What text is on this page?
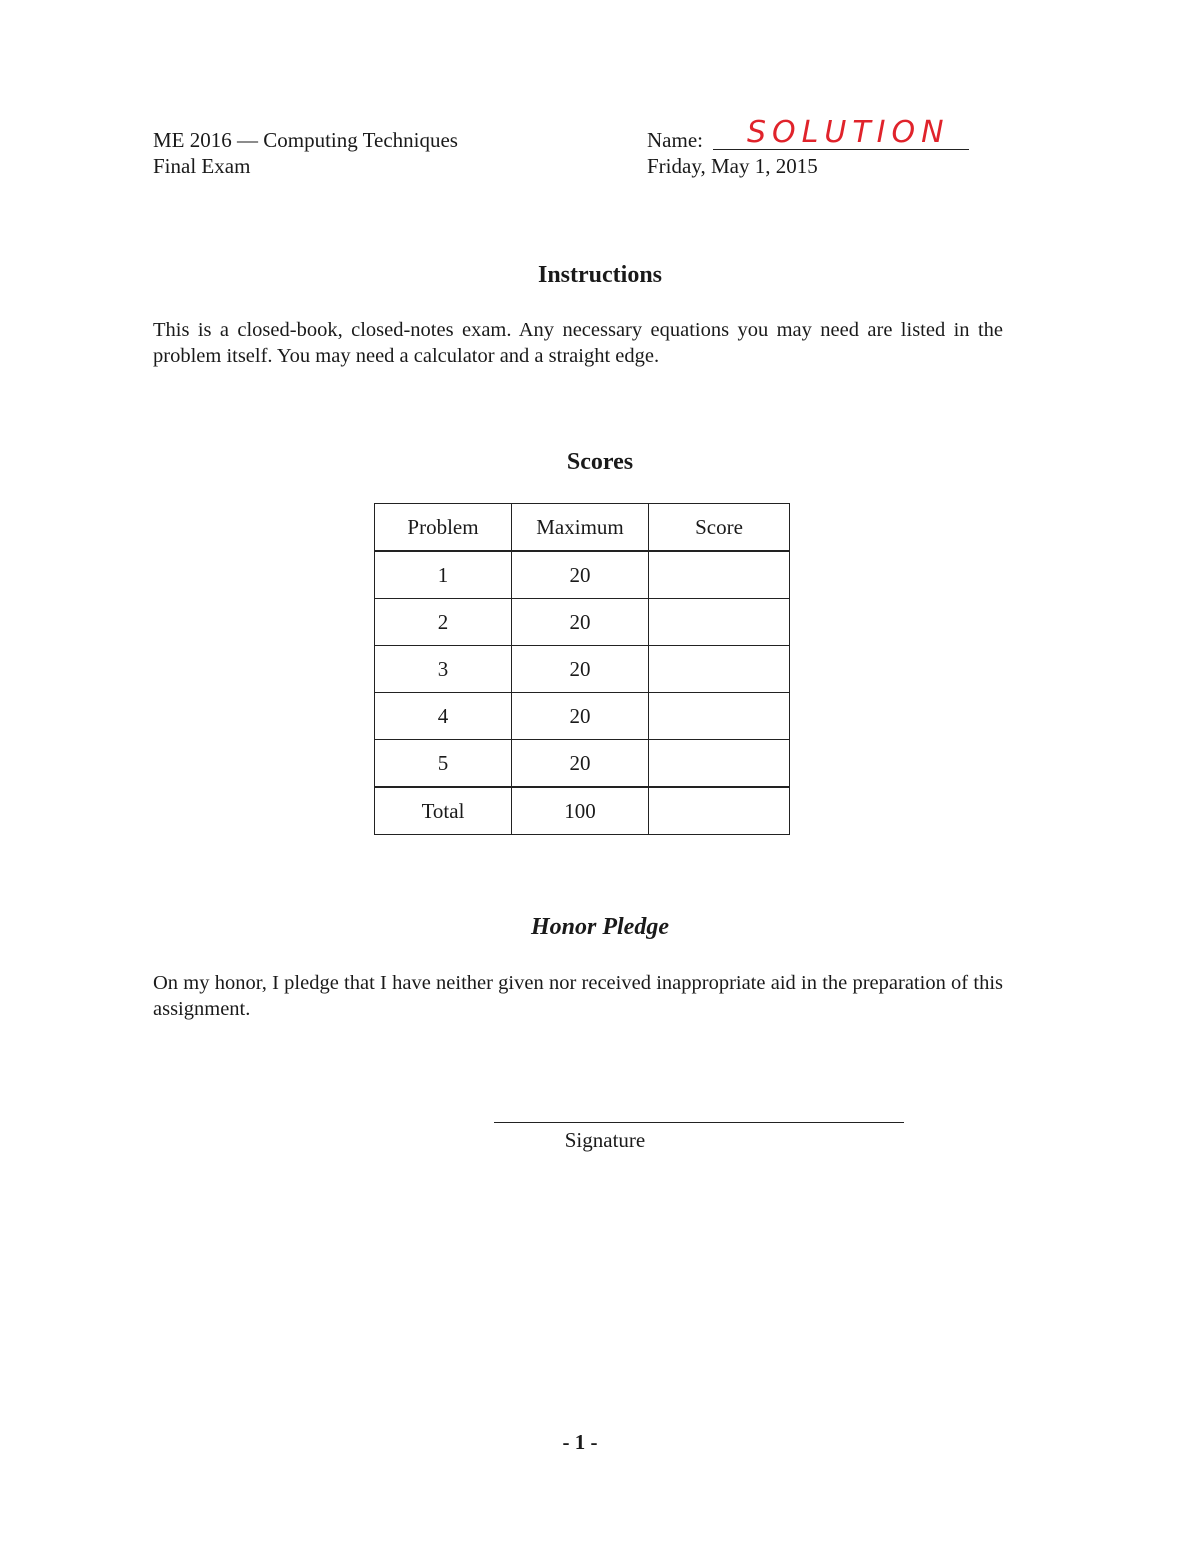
ME 2016 — Computing Techniques
Final Exam
Name: SOLUTION
Friday, May 1, 2015
Instructions
This is a closed-book, closed-notes exam. Any necessary equations you may need are listed in the problem itself. You may need a calculator and a straight edge.
Scores
Problem	Maximum	Score
1	20	
2	20	
3	20	
4	20	
5	20	
Total	100	
Honor Pledge
On my honor, I pledge that I have neither given nor received inappropriate aid in the preparation of this assignment.
Signature
- 1 -
